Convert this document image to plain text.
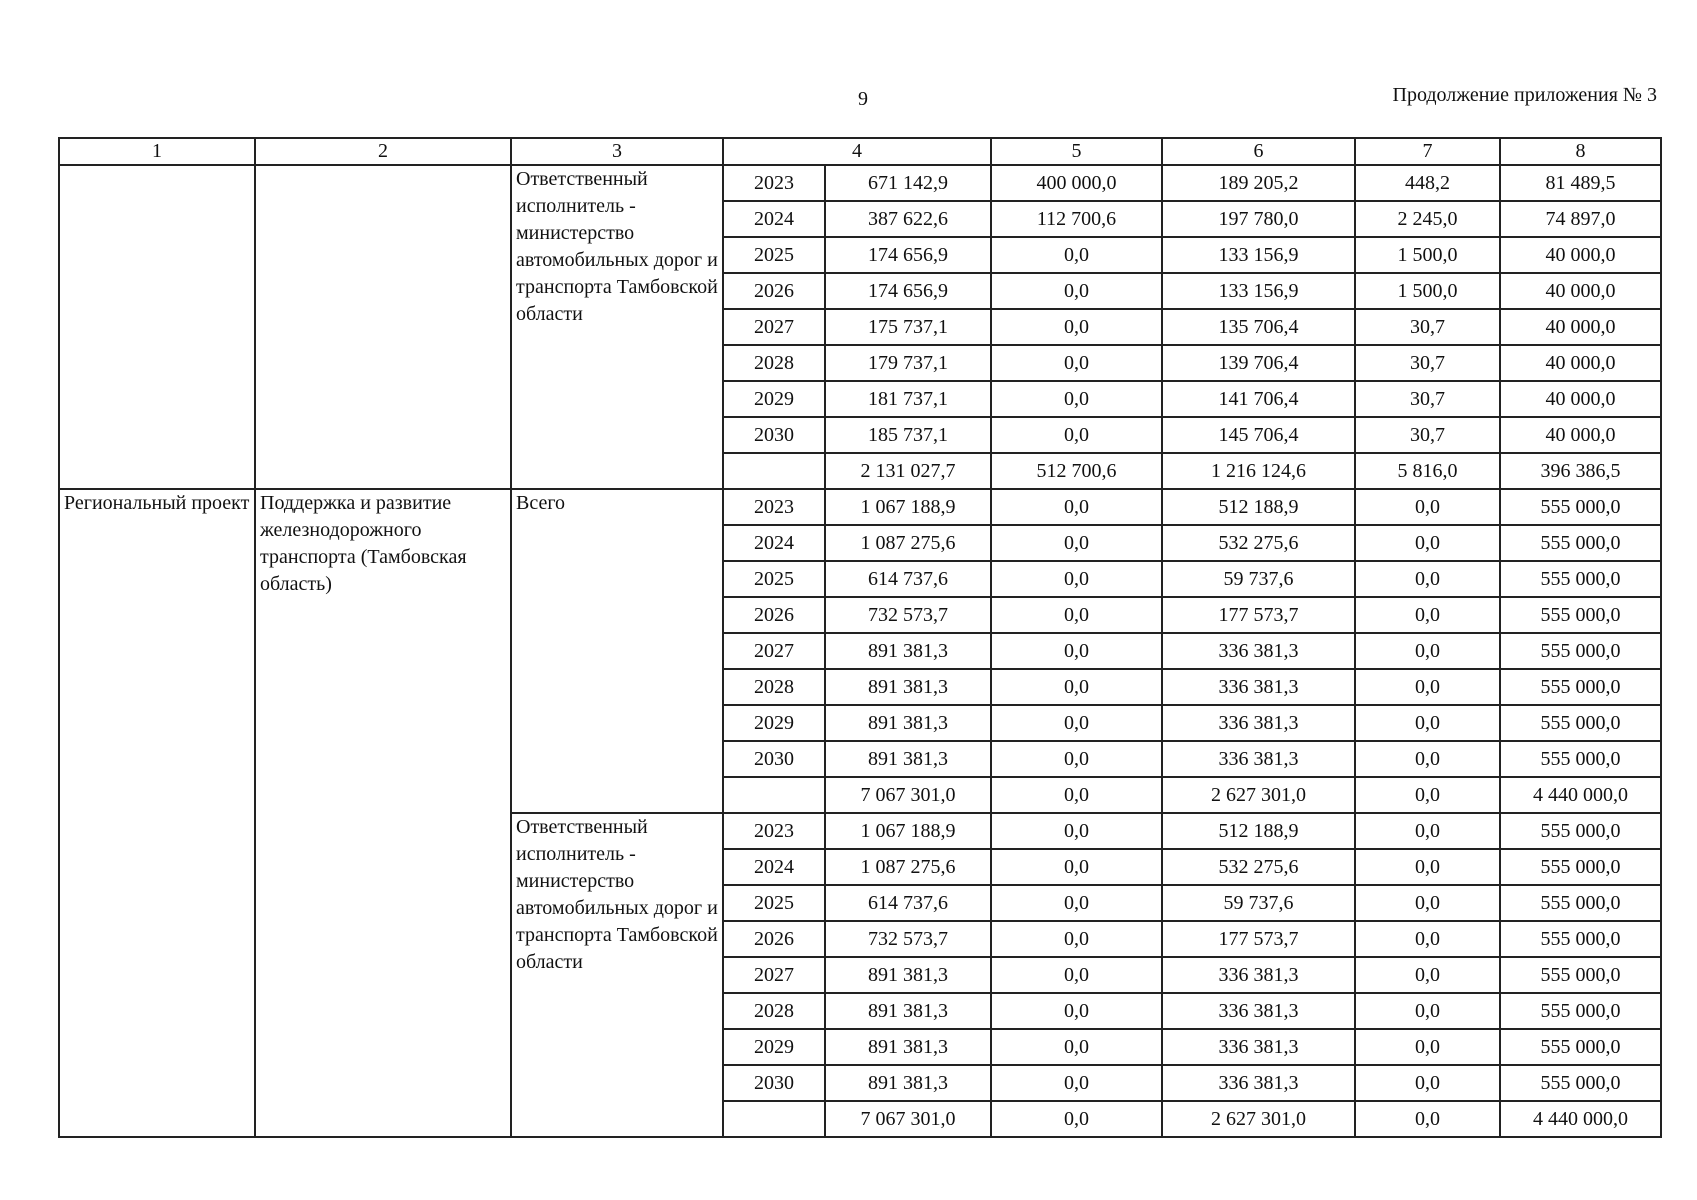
9	Продолжение приложения № 3
1	2	3	4		5	6	7	8
		Ответственный исполнитель - министерство автомобильных дорог и транспорта Тамбовской области	2023	671 142,9	400 000,0	189 205,2	448,2	81 489,5
			2024	387 622,6	112 700,6	197 780,0	2 245,0	74 897,0
			2025	174 656,9	0,0	133 156,9	1 500,0	40 000,0
			2026	174 656,9	0,0	133 156,9	1 500,0	40 000,0
			2027	175 737,1	0,0	135 706,4	30,7	40 000,0
			2028	179 737,1	0,0	139 706,4	30,7	40 000,0
			2029	181 737,1	0,0	141 706,4	30,7	40 000,0
			2030	185 737,1	0,0	145 706,4	30,7	40 000,0
				2 131 027,7	512 700,6	1 216 124,6	5 816,0	396 386,5
Региональный проект	Поддержка и развитие железнодорожного транспорта (Тамбовская область)	Всего	2023	1 067 188,9	0,0	512 188,9	0,0	555 000,0
			2024	1 087 275,6	0,0	532 275,6	0,0	555 000,0
			2025	614 737,6	0,0	59 737,6	0,0	555 000,0
			2026	732 573,7	0,0	177 573,7	0,0	555 000,0
			2027	891 381,3	0,0	336 381,3	0,0	555 000,0
			2028	891 381,3	0,0	336 381,3	0,0	555 000,0
			2029	891 381,3	0,0	336 381,3	0,0	555 000,0
			2030	891 381,3	0,0	336 381,3	0,0	555 000,0
				7 067 301,0	0,0	2 627 301,0	0,0	4 440 000,0
		Ответственный исполнитель - министерство автомобильных дорог и транспорта Тамбовской области	2023	1 067 188,9	0,0	512 188,9	0,0	555 000,0
			2024	1 087 275,6	0,0	532 275,6	0,0	555 000,0
			2025	614 737,6	0,0	59 737,6	0,0	555 000,0
			2026	732 573,7	0,0	177 573,7	0,0	555 000,0
			2027	891 381,3	0,0	336 381,3	0,0	555 000,0
			2028	891 381,3	0,0	336 381,3	0,0	555 000,0
			2029	891 381,3	0,0	336 381,3	0,0	555 000,0
			2030	891 381,3	0,0	336 381,3	0,0	555 000,0
				7 067 301,0	0,0	2 627 301,0	0,0	4 440 000,0
